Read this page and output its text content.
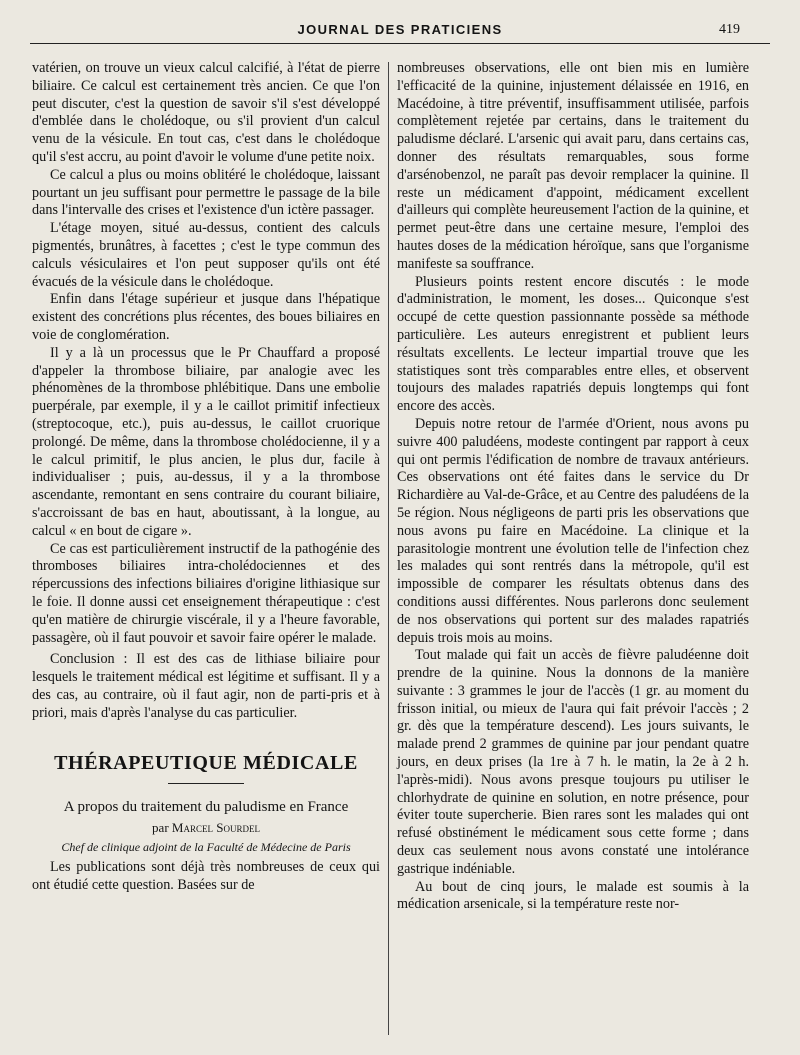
JOURNAL DES PRATICIENS	419

vatérien, on trouve un vieux calcul calcifié, à l'état de pierre biliaire. Ce calcul est certainement très ancien. Ce que l'on peut discuter, c'est la question de savoir s'il s'est développé d'emblée dans le cholédoque, ou s'il provient d'un calcul venu de la vésicule. En tout cas, c'est dans le cholédoque qu'il s'est accru, au point d'avoir le volume d'une petite noix.

Ce calcul a plus ou moins oblitéré le cholédoque, laissant pourtant un jeu suffisant pour permettre le passage de la bile dans l'intervalle des crises et l'existence d'un ictère passager.

L'étage moyen, situé au-dessus, contient des calculs pigmentés, brunâtres, à facettes ; c'est le type commun des calculs vésiculaires et l'on peut supposer qu'ils ont été évacués de la vésicule dans le cholédoque.

Enfin dans l'étage supérieur et jusque dans l'hépatique existent des concrétions plus récentes, des boues biliaires en voie de conglomération.

Il y a là un processus que le Pr Chauffard a proposé d'appeler la thrombose biliaire, par analogie avec les phénomènes de la thrombose phlébitique. Dans une embolie puerpérale, par exemple, il y a le caillot primitif infectieux (streptocoque, etc.), puis au-dessus, le caillot cruorique prolongé. De même, dans la thrombose cholédocienne, il y a le calcul primitif, le plus ancien, le plus dur, facile à individualiser ; puis, au-dessus, il y a la thrombose ascendante, remontant en sens contraire du courant biliaire, s'accroissant de bas en haut, aboutissant, à la longue, au calcul « en bout de cigare ».

Ce cas est particulièrement instructif de la pathogénie des thromboses biliaires intra-cholédociennes et des répercussions des infections biliaires d'origine lithiasique sur le foie. Il donne aussi cet enseignement thérapeutique : c'est qu'en matière de chirurgie viscérale, il y a l'heure favorable, passagère, où il faut pouvoir et savoir faire opérer le malade.

Conclusion : Il est des cas de lithiase biliaire pour lesquels le traitement médical est légitime et suffisant. Il y a des cas, au contraire, où il faut agir, non de parti-pris et à priori, mais d'après l'analyse du cas particulier.

THÉRAPEUTIQUE MÉDICALE
A propos du traitement du paludisme en France
par Marcel Sourdel
Chef de clinique adjoint de la Faculté de Médecine de Paris

Les publications sont déjà très nombreuses de ceux qui ont étudié cette question. Basées sur de

nombreuses observations, elle ont bien mis en lumière l'efficacité de la quinine, injustement délaissée en 1916, en Macédoine, à titre préventif, insuffisamment utilisée, parfois complètement rejetée par certains, dans le traitement du paludisme déclaré. L'arsenic qui avait paru, dans certains cas, donner des résultats remarquables, sous forme d'arsénobenzol, ne paraît pas devoir remplacer la quinine. Il reste un médicament d'appoint, médicament excellent d'ailleurs qui complète heureusement l'action de la quinine, et permet peut-être dans une certaine mesure, l'emploi des hautes doses de la médication héroïque, sans que l'organisme manifeste sa souffrance.

Plusieurs points restent encore discutés : le mode d'administration, le moment, les doses... Quiconque s'est occupé de cette question passionnante possède sa méthode particulière. Les auteurs enregistrent et publient leurs résultats excellents. Le lecteur impartial trouve que les statistiques sont très comparables entre elles, et observent toujours des malades rapatriés depuis longtemps qui font encore des accès.

Depuis notre retour de l'armée d'Orient, nous avons pu suivre 400 paludéens, modeste contingent par rapport à ceux qui ont permis l'édification de nombre de travaux antérieurs. Ces observations ont été faites dans le service du Dr Richardière au Val-de-Grâce, et au Centre des paludéens de la 5e région. Nous négligeons de parti pris les observations que nous avons pu faire en Macédoine. La clinique et la parasitologie montrent une évolution telle de l'infection chez les malades qui sont rentrés dans la métropole, qu'il est impossible de comparer les résultats obtenus dans des conditions aussi différentes. Nous parlerons donc seulement de nos observations qui portent sur des malades rapatriés depuis trois mois au moins.

Tout malade qui fait un accès de fièvre paludéenne doit prendre de la quinine. Nous la donnons de la manière suivante : 3 grammes le jour de l'accès (1 gr. au moment du frisson initial, ou mieux de l'aura qui fait prévoir l'accès ; 2 gr. dès que la température descend). Les jours suivants, le malade prend 2 grammes de quinine par jour pendant quatre jours, en deux prises (la 1re à 7 h. le matin, la 2e à 2 h. l'après-midi). Nous avons presque toujours pu utiliser le chlorhydrate de quinine en solution, en notre présence, pour éviter toute supercherie. Bien rares sont les malades qui ont refusé obstinément le médicament sous cette forme ; dans deux cas seulement nous avons constaté une intolérance gastrique indéniable.

Au bout de cinq jours, le malade est soumis à la médication arsenicale, si la température reste nor-
